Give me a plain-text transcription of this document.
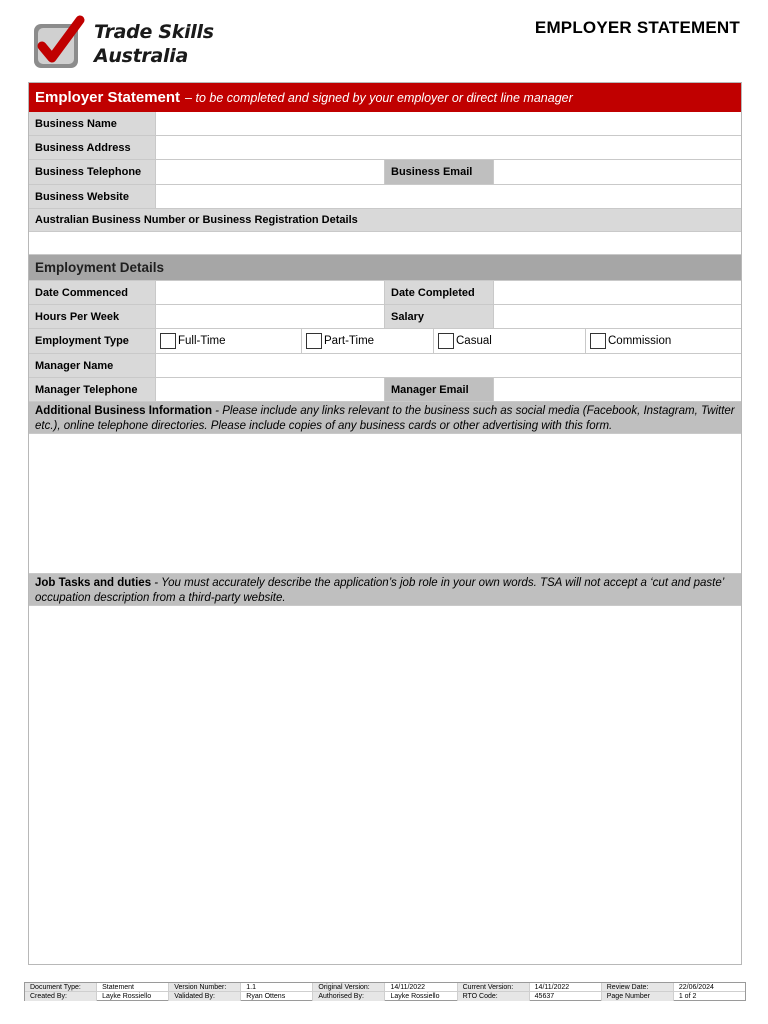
Trade Skills
Australia
EMPLOYER STATEMENT
Employer Statement – to be completed and signed by your employer or direct line manager
Business Name
Business Address
Business Telephone	Business Email
Business Website
Australian Business Number or Business Registration Details
Employment Details
Date Commenced	Date Completed
Hours Per Week	Salary
Employment Type	Full-Time	Part-Time	Casual	Commission
Manager Name
Manager Telephone	Manager Email
Additional Business Information - Please include any links relevant to the business such as social media (Facebook, Instagram, Twitter etc.), online telephone directories. Please include copies of any business cards or other advertising with this form.
Job Tasks and duties - You must accurately describe the application’s job role in your own words. TSA will not accept a ‘cut and paste’ occupation description from a third-party website.
Document Type:	Statement	Version Number:	1.1	Original Version:	14/11/2022	Current Version:	14/11/2022	Review Date:	22/06/2024
Created By:	Layke Rossiello	Validated By:	Ryan Ottens	Authorised By:	Layke Rossiello	RTO Code:	45637	Page Number	1 of 2
